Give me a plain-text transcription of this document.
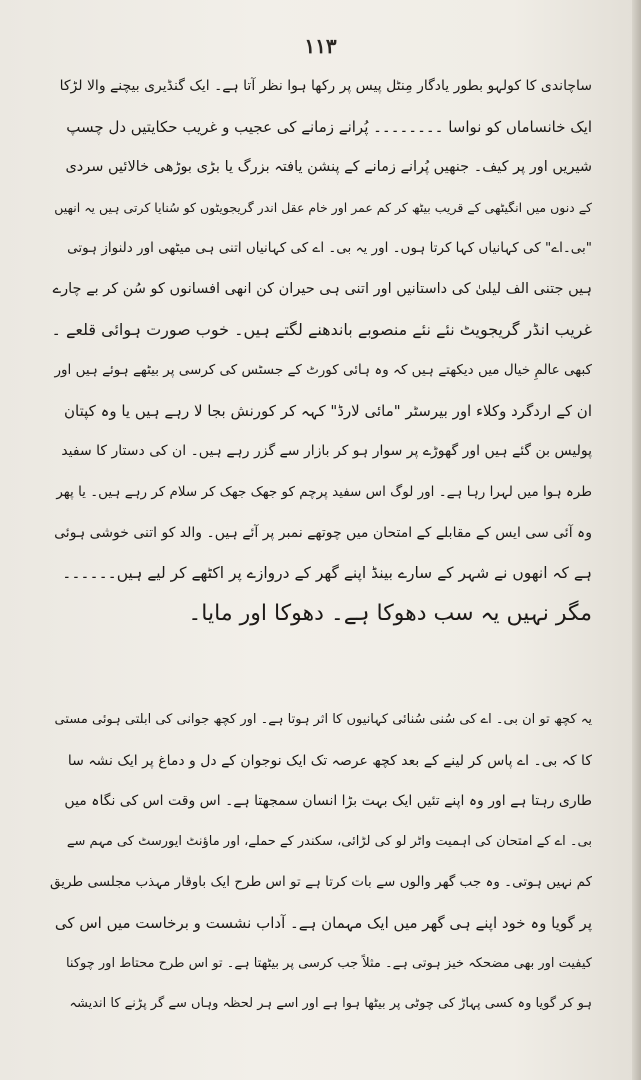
١١٣

ساچاندی کا کولہو بطور یادگار مِنٹل پیس پر رکھا ہوا نظر آتا ہے۔ ایک گنڈیری بیچنے والا لڑکا
ایک خانساماں کو نواسا ۔۔۔۔۔۔۔۔ پُرانے زمانے کی عجیب و غریب حکایتیں دل چسپ
شیریں اور پر کیف۔ جنھیں پُرانے زمانے کے پنشن یافتہ بزرگ یا بڑی بوڑھی خالائیں سردی
کے دنوں میں انگیٹھی کے قریب بیٹھ کر کم عمر اور خام عقل اندر گریجویٹوں کو سُنایا کرتی ہیں یہ انھیں
"بی۔اے" کی کہانیاں کہا کرتا ہوں۔ اور یہ بی۔ اے کی کہانیاں اتنی ہی میٹھی اور دلنواز ہوتی
ہیں جتنی الف لیلیٰ کی داستانیں اور اتنی ہی حیران کن انھی افسانوں کو سُن کر بے چارے
غریب انڈر گریجویٹ نئے نئے منصوبے باندھنے لگتے ہیں۔ خوب صورت ہوائی قلعے ۔
کبھی عالمِ خیال میں دیکھتے ہیں کہ وہ ہائی کورٹ کے جسٹس کی کرسی پر بیٹھے ہوئے ہیں اور
ان کے اردگرد وکلاء اور بیرسٹر "مائی لارڈ" کہہ کر کورنش بجا لا رہے ہیں یا وہ کپتان
پولیس بن گئے ہیں اور گھوڑے پر سوار ہو کر بازار سے گزر رہے ہیں۔ ان کی دستار کا سفید
طرہ ہوا میں لہرا رہا ہے۔ اور لوگ اس سفید پرچم کو جھک جھک کر سلام کر رہے ہیں۔ یا پھر
وہ آئی سی ایس کے مقابلے کے امتحان میں چوتھے نمبر پر آئے ہیں۔ والد کو اتنی خوشی ہوئی
ہے کہ انھوں نے شہر کے سارے بینڈ اپنے گھر کے دروازے پر اکٹھے کر لیے ہیں۔۔۔۔۔۔
مگر نہیں یہ سب دھوکا ہے۔ دھوکا اور مایا۔

یہ کچھ تو ان بی۔ اے کی سُنی سُنائی کہانیوں کا اثر ہوتا ہے۔ اور کچھ جوانی کی ابلتی ہوئی مستی
کا کہ بی۔ اے پاس کر لینے کے بعد کچھ عرصہ تک ایک نوجوان کے دل و دماغ پر ایک نشہ سا
طاری رہتا ہے اور وہ اپنے تئیں ایک بہت بڑا انسان سمجھتا ہے۔ اس وقت اس کی نگاہ میں
بی۔ اے کے امتحان کی اہمیت واٹر لو کی لڑائی، سکندر کے حملے، اور ماؤنٹ ایورسٹ کی مہم سے
کم نہیں ہوتی۔ وہ جب گھر والوں سے بات کرتا ہے تو اس طرح ایک باوقار مہذب مجلسی طریق
پر گویا وہ خود اپنے ہی گھر میں ایک مہمان ہے۔ آداب نشست و برخاست میں اس کی
کیفیت اور بھی مضحکہ خیز ہوتی ہے۔ مثلاً جب کرسی پر بیٹھتا ہے۔ تو اس طرح محتاط اور چوکنا
ہو کر گویا وہ کسی پہاڑ کی چوٹی پر بیٹھا ہوا ہے اور اسے ہر لحظہ وہاں سے گر پڑنے کا اندیشہ
